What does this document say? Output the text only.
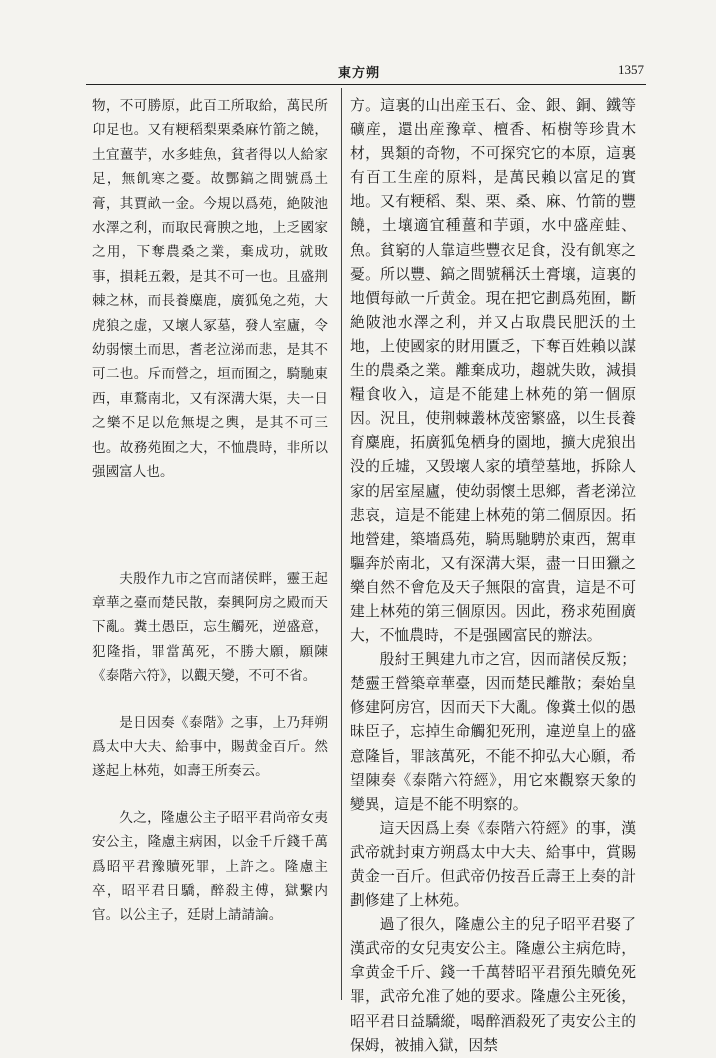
東方朔	1357

物，不可勝原，此百工所取給，萬民所卬足也。又有粳稻梨栗桑麻竹箭之饒，土宜薑芋，水多蛙魚，貧者得以人給家足，無飢寒之憂。故酆鎬之間號爲土膏，其賈畝一金。今規以爲苑，絶陂池水澤之利，而取民膏腴之地，上乏國家之用，下奪農桑之業，棄成功，就敗事，損耗五穀，是其不可一也。且盛荆棘之林，而長養麋鹿，廣狐兔之苑，大虎狼之虚，又壞人冢墓，發人室廬，令幼弱懷土而思，耆老泣涕而悲，是其不可二也。斥而營之，垣而囿之，騎馳東西，車鶩南北，又有深溝大渠，夫一日之樂不足以危無堤之輿，是其不可三也。故務苑囿之大，不恤農時，非所以强國富人也。

夫殷作九市之宫而諸侯畔，靈王起章華之臺而楚民散，秦興阿房之殿而天下亂。糞土愚臣，忘生觸死，逆盛意，犯隆指，罪當萬死，不勝大願，願陳《泰階六符》，以觀天變，不可不省。

是日因奏《泰階》之事，上乃拜朔爲太中大夫、給事中，賜黄金百斤。然遂起上林苑，如壽王所奏云。

久之，隆慮公主子昭平君尚帝女夷安公主，隆慮主病困，以金千斤錢千萬爲昭平君豫贖死罪，上許之。隆慮主卒，昭平君日驕，醉殺主傅，獄繫内官。以公主子，廷尉上請請論。

方。這裏的山出産玉石、金、銀、銅、鐵等礦産，還出産豫章、檀香、柘樹等珍貴木材，異類的奇物，不可探究它的本原，這裏有百工生産的原料，是萬民賴以富足的實地。又有粳稻、梨、栗、桑、麻、竹箭的豐饒，土壤適宜種薑和芋頭，水中盛産蛙、魚。貧窮的人靠這些豐衣足食，没有飢寒之憂。所以豐、鎬之間號稱沃土膏壤，這裏的地價每畝一斤黄金。現在把它劃爲苑囿，斷絶陂池水澤之利，并又占取農民肥沃的土地，上使國家的財用匱乏，下奪百姓賴以謀生的農桑之業。離棄成功，趨就失敗，減損糧食收入，這是不能建上林苑的第一個原因。況且，使荆棘叢林茂密繁盛，以生長養育麋鹿，拓廣狐兔栖身的園地，擴大虎狼出没的丘墟，又毁壞人家的墳塋墓地，拆除人家的居室屋廬，使幼弱懷土思鄉，耆老涕泣悲哀，這是不能建上林苑的第二個原因。拓地營建，築墻爲苑，騎馬馳騁於東西，駕車驅奔於南北，又有深溝大渠，盡一日田獵之樂自然不會危及天子無限的富貴，這是不可建上林苑的第三個原因。因此，務求苑囿廣大，不恤農時，不是强國富民的辦法。

殷紂王興建九市之宫，因而諸侯反叛；楚靈王營築章華臺，因而楚民離散；秦始皇修建阿房宫，因而天下大亂。像糞土似的愚昧臣子，忘掉生命觸犯死刑，違逆皇上的盛意隆旨，罪該萬死，不能不抑弘大心願，希望陳奏《泰階六符經》，用它來觀察天象的變異，這是不能不明察的。

這天因爲上奏《泰階六符經》的事，漢武帝就封東方朔爲太中大夫、給事中，賞賜黄金一百斤。但武帝仍按吾丘壽王上奏的計劃修建了上林苑。

過了很久，隆慮公主的兒子昭平君娶了漢武帝的女兒夷安公主。隆慮公主病危時，拿黄金千斤、錢一千萬替昭平君預先贖免死罪，武帝允准了她的要求。隆慮公主死後，昭平君日益驕縱，喝醉酒殺死了夷安公主的保姆，被捕入獄，因禁
